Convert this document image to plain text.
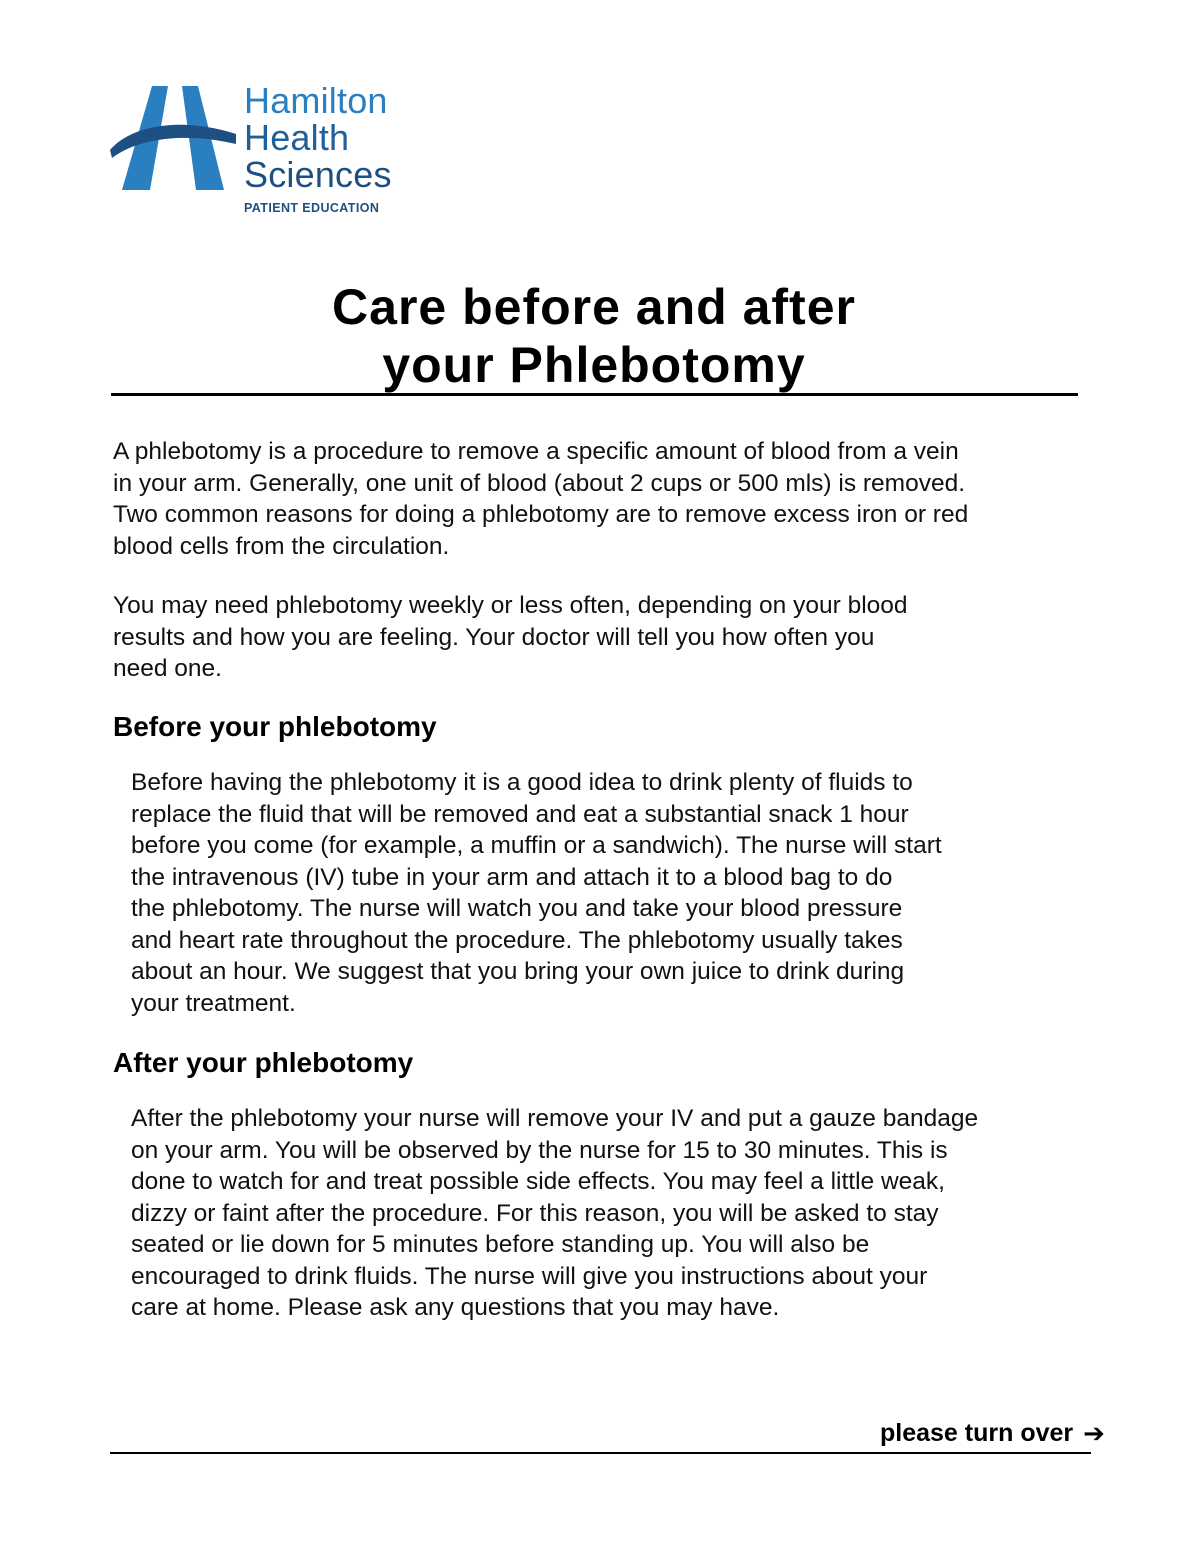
Hamilton
Health
Sciences
PATIENT EDUCATION
Care before and after
your Phlebotomy
A phlebotomy is a procedure to remove a specific amount of blood from a vein
in your arm. Generally, one unit of blood (about 2 cups or 500 mls) is removed.
Two common reasons for doing a phlebotomy are to remove excess iron or red
blood cells from the circulation.
You may need phlebotomy weekly or less often, depending on your blood
results and how you are feeling. Your doctor will tell you how often you
need one.
Before your phlebotomy
Before having the phlebotomy it is a good idea to drink plenty of fluids to
replace the fluid that will be removed and eat a substantial snack 1 hour
before you come (for example, a muffin or a sandwich). The nurse will start
the intravenous (IV) tube in your arm and attach it to a blood bag to do
the phlebotomy. The nurse will watch you and take your blood pressure
and heart rate throughout the procedure. The phlebotomy usually takes
about an hour. We suggest that you bring your own juice to drink during
your treatment.
After your phlebotomy
After the phlebotomy your nurse will remove your IV and put a gauze bandage
on your arm. You will be observed by the nurse for 15 to 30 minutes. This is
done to watch for and treat possible side effects. You may feel a little weak,
dizzy or faint after the procedure. For this reason, you will be asked to stay
seated or lie down for 5 minutes before standing up. You will also be
encouraged to drink fluids. The nurse will give you instructions about your
care at home. Please ask any questions that you may have.
please turn over ➔
